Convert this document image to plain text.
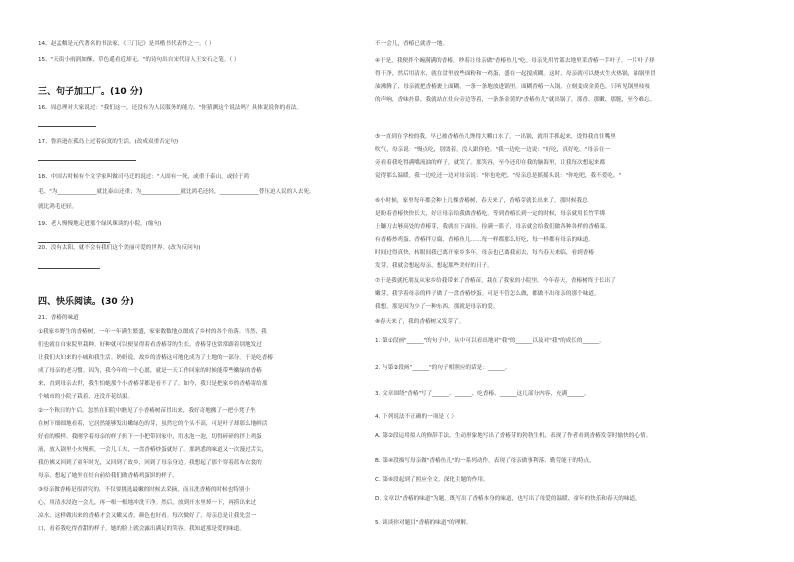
14、赵孟頫是元代著名的书法家，《三门记》是其楷书代表作之一。（ ）
15、"天街小雨润如酥，草色遥看近却无。"的诗句出自宋代诗人王安石之笔。（ ）
三、句子加工厂。(10 分)
16、周总理对大家说过："我们这一，还没有为人民服务的能力。"你猜测这个说法吗？具体说说你的看法。
17、鲁滨逊在孤岛上过着寂寞的生活。(改成双重否定句)
18、中国古时候有个文学家叫做司马迁的说过："人固有一死，或重于泰山，或轻于鸿
毛。"为______________就比泰山还重；为______________就比鸿毛还轻，______________替压迫人民的人去死，
就比鸿毛还轻。
19、老人慢慢地走进那个绿风珠谈的小院。(缩句)
20、没有太阳，就不会有我们这个美丽可爱的世界。(改为反问句)
四、快乐阅读。(30 分)
21、香椿的味道
①我家乡野生的香椿树，一年一年满生繁盛，家家数数地点缀成了乡村的各个角落。当然，我
们也就在自家院里栽种。好种就可以便显得着看香椿芽的生长。香椿芽也常常跟着别地发过
让我们夫妇来的小城和我生活。奶奶说，故乡的香椿这可地化成为了土地的一部分。于是吃香椿
成了母亲的老习惯。因为，我今年的一个心愿，就是一天工作回家的时候能带些嫩绿的香椿
来，直到母亲去世，我生怕她那个小香椿芽都是看不了了。如今，我只是把家乡的香椿寄给那
个城市的小院子栽着，还没开花结果。
②一个秋日的午后，忽然在旧院中瞧见了小香椿树苗冒出来，我好奇地搬了一把小凳子坐
在树下细细地看着，它居然能够发出嫩绿色的芽，虽然它的个头不高，可是叶子却那么地鲜活
好看的模样。我刚学着母亲的样子折下一小把带回家中，用水泡一泡，切得碎碎的拌上鸡蛋
液，放入锅里小火慢煎，一会儿工夫，一盘香椿炒蛋就好了。那熟悉的味道又一次漫过舌尖，
我仿佛又回到了童年时光，又回到了故乡，回到了母亲身边。我想起了那个穿着蓝布衣裳的
母亲，想起了她坐在灶台前给我们做香椿鸡蛋饼的样子。
③母亲做香椿是很讲究的，不仅要挑选最嫩的时候去采摘，而且洗香椿的时候也特别小
心，用清水浸泡一会儿，再一根一根地冲洗干净。然后，放到开水里焯一下，再捞出来过
凉水，这样做出来的香椿才会又嫩又香，颜色也好看。每次做好了，母亲总是让我先尝一
口，看着我吃得香甜的样子，她的脸上就会露出满足的笑容。我知道那是爱的味道。
不一会儿，香椿已就香一地。
④于是，我便拌个碗满满的香椿，吵着让母亲做"香椿鱼儿"吃。母亲先用竹篮去地里采香椿一手叶子，一片叶子择
得干净，然后用清水，就在盘里放些面粉和一鸡蛋，盛在一起搅成糊。这时，母亲就可以烧火生火热锅，油锅里冒
油沸腾了，母亲就把香椿裹上面糊，一条一条地放进锅里。面糊香椿一入锅，立刻变成金黄色，只听见锅里吱吱
的声响，香味扑鼻。我就站在灶台旁边等着，一条条金黄的"香椿鱼儿"就出锅了，那香、那嫩、那脆，至今难忘。
⑤一直到在学校的我，早已被香椿鱼儿馋得大嚼口水了。一出锅，就用手抓起来，烫得我直往嘴里
吹气，母亲说："慢点吃，别烫着，没人跟你抢。"我一边吃一边说："好吃，真好吃。"母亲在一
旁看着我吃得满嘴流油的样子，就笑了。那笑容，至今还印在我的脑海里，让我每次想起来都
觉得那么温暖。我一边吃还一边对母亲说："你也吃吧。"母亲总是摇摇头说："你吃吧，我不爱吃。"
⑥小时候，家里每年都会种上几棵香椿树，春天来了，香椿芽就长出来了。那时候我总
是盼着香椿快快长大，好让母亲给我做香椿吃。等到香椿长到一定的时候，母亲就用长竹竿绑
上镰刀去够高处的香椿芽，我就在下面捡。捡满一篮子，母亲就会给我们做各种各样的香椿菜。
有香椿炒鸡蛋、香椿拌豆腐、香椿鱼儿……每一样都那么好吃，每一样都有母亲的味道。
时间过得真快，转眼间我已离开家乡多年，母亲也已离我而去，每当春天来临，看到香椿
发芽，我就会想起母亲，想起那些美好的日子。
⑦于是我就托朋友从家乡给我带来了香椿苗，栽在了我家的小院里。今年春天，香椿树终于长出了
嫩芽，我学着母亲的样子做了一盘香椿炒蛋。可是不管怎么做，都做不出母亲的那个味道。
我想，那是因为少了一种东西，那就是母亲的爱。
⑧春天来了，我的香椿树又发芽了。
1. 第①段画"______"的句子中，从中可以看出地对"我"的______以及对"我"的成长的______。
2. 与第②段画"______"的句子相照应的话是：______。
3. 文章围绕"香椿"写了______、______、吃香椿、______这几部分内容，充满______。
4. 下列说法不正确的一项是（ ）
A. 第②段运用拟人的修辞手法，生动形象地写出了香椿芽的勃勃生机，表现了作者看到香椿发芽时愉快的心情。
B. 第④段描写母亲做"香椿鱼儿"的一系列动作，表现了母亲做事利落、勤劳能干的特点。
C. 第⑥段起到了照应全文，深化主题的作用。
D. 文章以"香椿的味道"为题，既写出了香椿本身的味道，也写出了母爱的温暖、童年的快乐和春天的味道。
5. 谈谈你对题目"香椿的味道"的理解。
